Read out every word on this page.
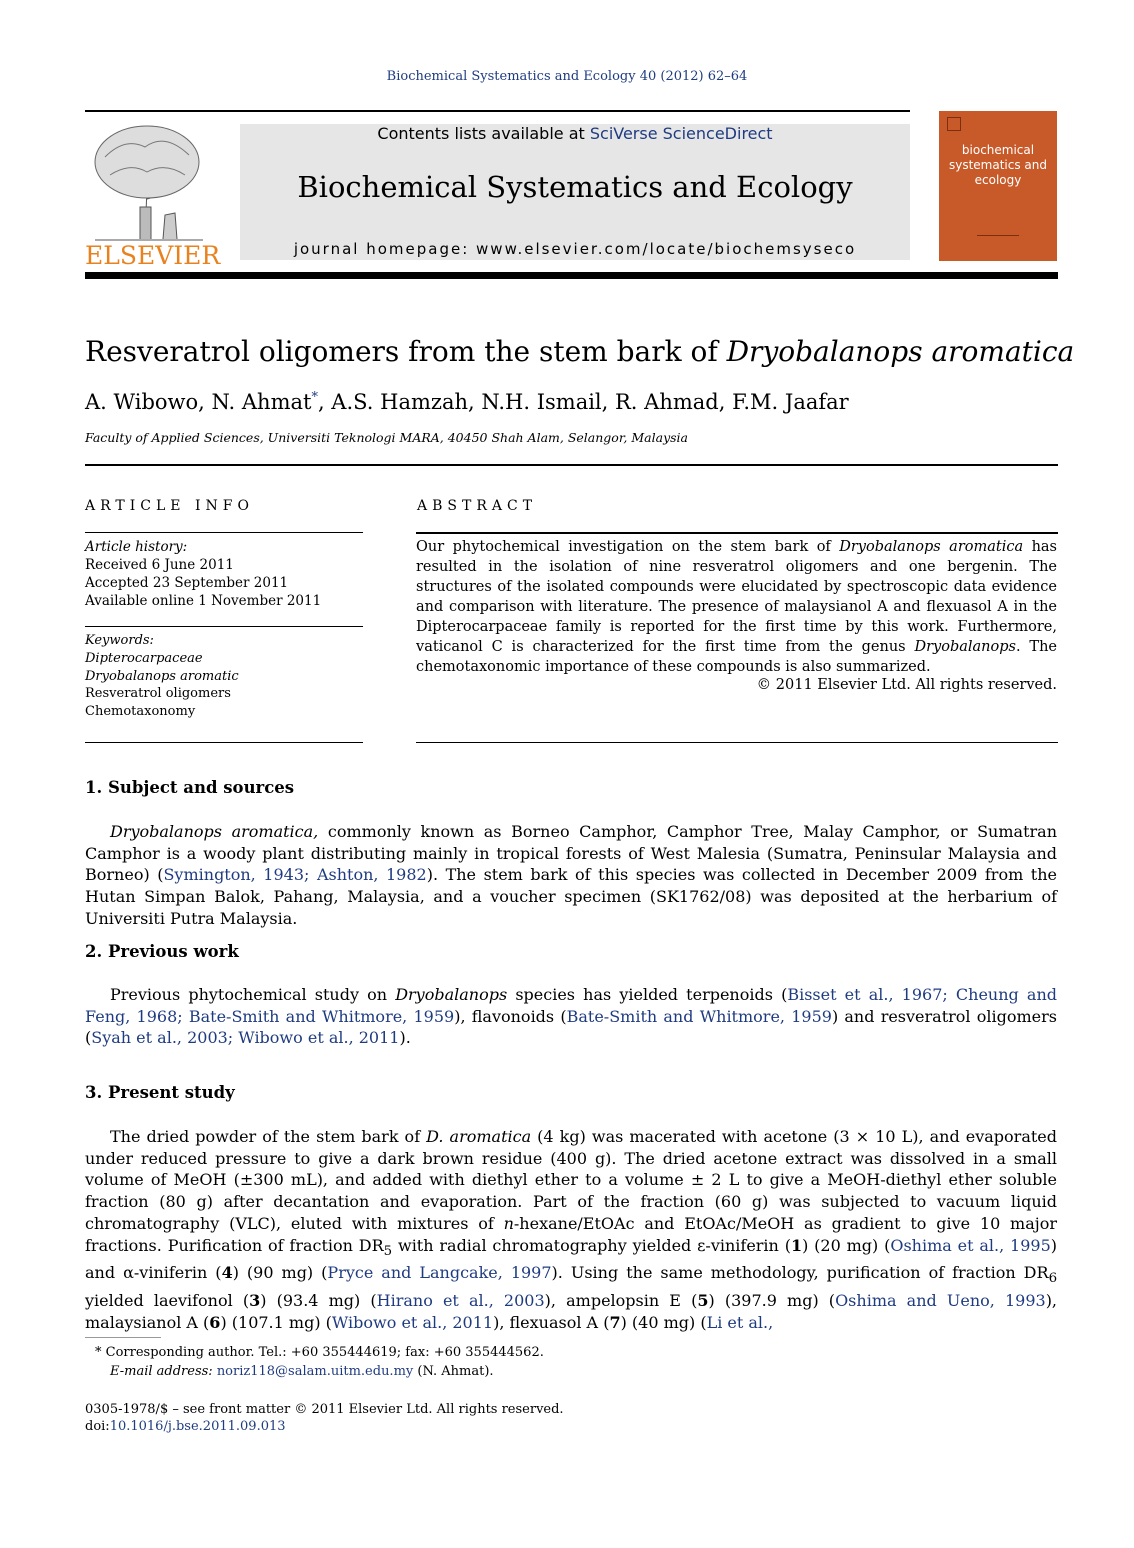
Biochemical Systematics and Ecology 40 (2012) 62–64
ELSEVIER
Contents lists available at SciVerse ScienceDirect
Biochemical Systematics and Ecology
journal homepage: www.elsevier.com/locate/biochemsyseco
biochemical systematics and ecology
Resveratrol oligomers from the stem bark of Dryobalanops aromatica
A. Wibowo, N. Ahmat*, A.S. Hamzah, N.H. Ismail, R. Ahmad, F.M. Jaafar
Faculty of Applied Sciences, Universiti Teknologi MARA, 40450 Shah Alam, Selangor, Malaysia
ARTICLE INFO
Article history:
Received 6 June 2011
Accepted 23 September 2011
Available online 1 November 2011
Keywords:
Dipterocarpaceae
Dryobalanops aromatic
Resveratrol oligomers
Chemotaxonomy
ABSTRACT
Our phytochemical investigation on the stem bark of Dryobalanops aromatica has resulted in the isolation of nine resveratrol oligomers and one bergenin. The structures of the isolated compounds were elucidated by spectroscopic data evidence and comparison with literature. The presence of malaysianol A and flexuasol A in the Dipterocarpaceae family is reported for the first time by this work. Furthermore, vaticanol C is characterized for the first time from the genus Dryobalanops. The chemotaxonomic importance of these compounds is also summarized.
© 2011 Elsevier Ltd. All rights reserved.
1. Subject and sources
Dryobalanops aromatica, commonly known as Borneo Camphor, Camphor Tree, Malay Camphor, or Sumatran Camphor is a woody plant distributing mainly in tropical forests of West Malesia (Sumatra, Peninsular Malaysia and Borneo) (Symington, 1943; Ashton, 1982). The stem bark of this species was collected in December 2009 from the Hutan Simpan Balok, Pahang, Malaysia, and a voucher specimen (SK1762/08) was deposited at the herbarium of Universiti Putra Malaysia.
2. Previous work
Previous phytochemical study on Dryobalanops species has yielded terpenoids (Bisset et al., 1967; Cheung and Feng, 1968; Bate-Smith and Whitmore, 1959), flavonoids (Bate-Smith and Whitmore, 1959) and resveratrol oligomers (Syah et al., 2003; Wibowo et al., 2011).
3. Present study
The dried powder of the stem bark of D. aromatica (4 kg) was macerated with acetone (3 × 10 L), and evaporated under reduced pressure to give a dark brown residue (400 g). The dried acetone extract was dissolved in a small volume of MeOH (±300 mL), and added with diethyl ether to a volume ± 2 L to give a MeOH-diethyl ether soluble fraction (80 g) after decantation and evaporation. Part of the fraction (60 g) was subjected to vacuum liquid chromatography (VLC), eluted with mixtures of n-hexane/EtOAc and EtOAc/MeOH as gradient to give 10 major fractions. Purification of fraction $DR_5$ with radial chromatography yielded ε-viniferin (1) (20 mg) (Oshima et al., 1995) and α-viniferin (4) (90 mg) (Pryce and Langcake, 1997). Using the same methodology, purification of fraction $DR_6$ yielded laevifonol (3) (93.4 mg) (Hirano et al., 2003), ampelopsin E (5) (397.9 mg) (Oshima and Ueno, 1993), malaysianol A (6) (107.1 mg) (Wibowo et al., 2011), flexuasol A (7) (40 mg) (Li et al.,
* Corresponding author. Tel.: +60 355444619; fax: +60 355444562.
E-mail address: noriz118@salam.uitm.edu.my (N. Ahmat).
0305-1978/$ – see front matter © 2011 Elsevier Ltd. All rights reserved.
doi:10.1016/j.bse.2011.09.013
